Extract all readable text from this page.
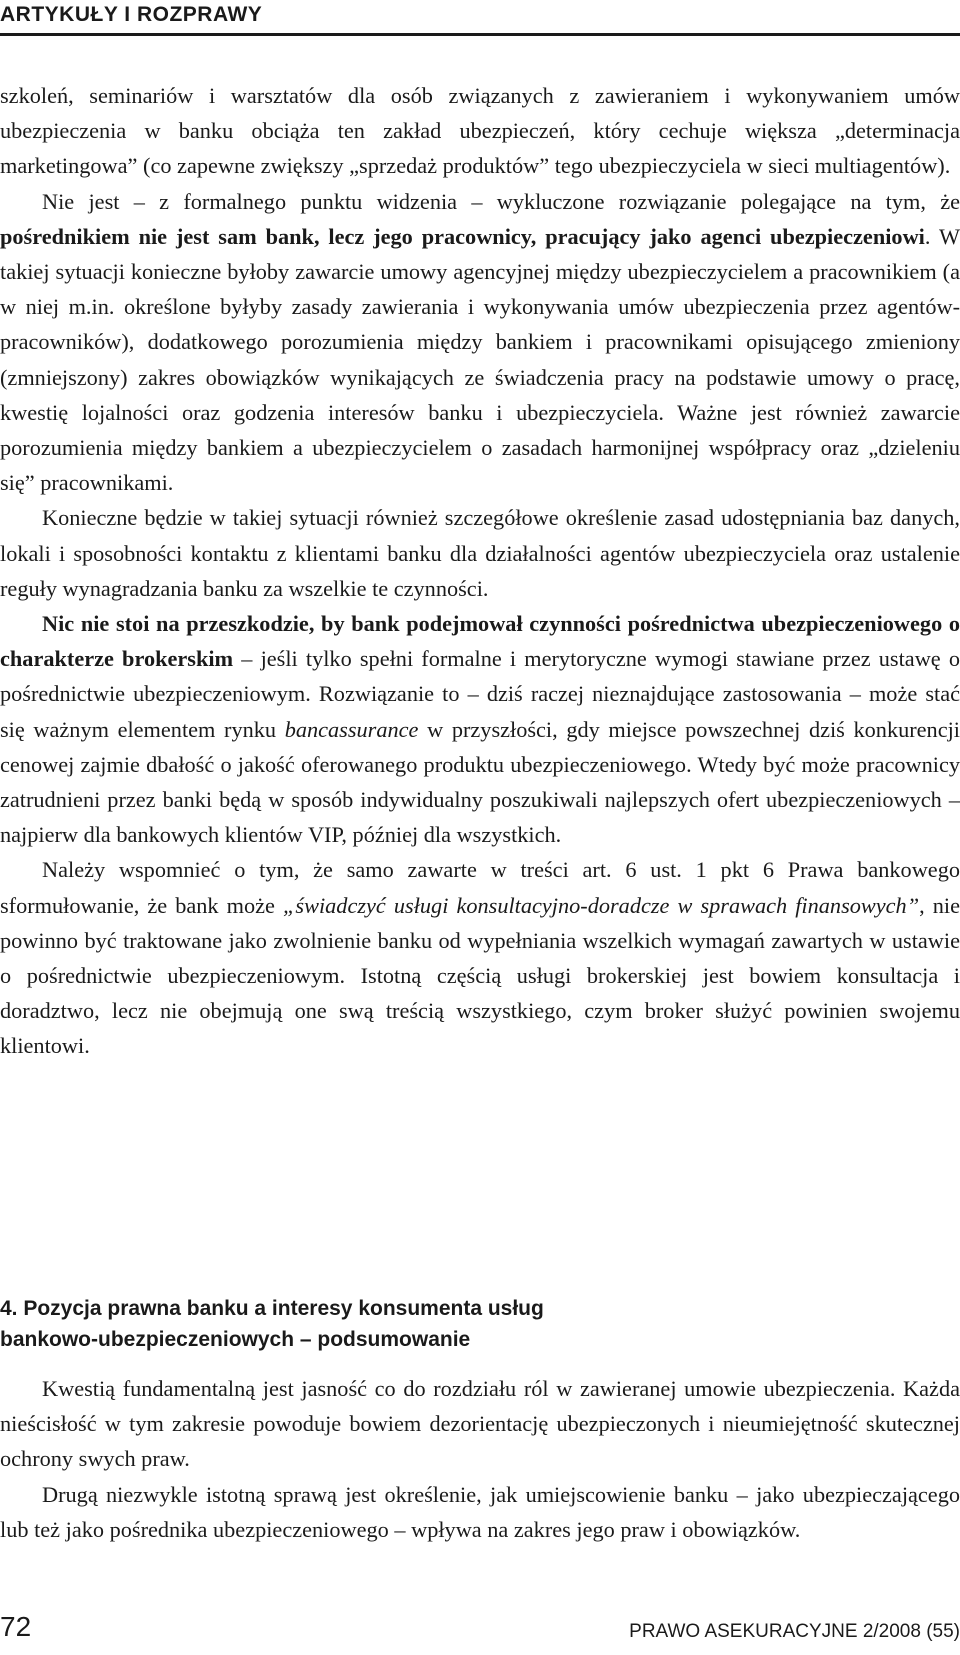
ARTYKUŁY I ROZPRAWY

szkoleń, seminariów i warsztatów dla osób związanych z zawieraniem i wykonywaniem umów ubezpieczenia w banku obciąża ten zakład ubezpieczeń, który cechuje większa „determinacja marketingowa” (co zapewne zwiększy „sprzedaż produktów” tego ubezpieczyciela w sieci multiagentów).

Nie jest – z formalnego punktu widzenia – wykluczone rozwiązanie polegające na tym, że pośrednikiem nie jest sam bank, lecz jego pracownicy, pracujący jako agenci ubezpieczeniowi. W takiej sytuacji konieczne byłoby zawarcie umowy agencyjnej między ubezpieczycielem a pracownikiem (a w niej m.in. określone byłyby zasady zawierania i wykonywania umów ubezpieczenia przez agentów-pracowników), dodatkowego porozumienia między bankiem i pracownikami opisującego zmieniony (zmniejszony) zakres obowiązków wynikających ze świadczenia pracy na podstawie umowy o pracę, kwestię lojalności oraz godzenia interesów banku i ubezpieczyciela. Ważne jest również zawarcie porozumienia między bankiem a ubezpieczycielem o zasadach harmonijnej współpracy oraz „dzieleniu się” pracownikami.

Konieczne będzie w takiej sytuacji również szczegółowe określenie zasad udostępniania baz danych, lokali i sposobności kontaktu z klientami banku dla działalności agentów ubezpieczyciela oraz ustalenie reguły wynagradzania banku za wszelkie te czynności.

Nic nie stoi na przeszkodzie, by bank podejmował czynności pośrednictwa ubezpieczeniowego o charakterze brokerskim – jeśli tylko spełni formalne i merytoryczne wymogi stawiane przez ustawę o pośrednictwie ubezpieczeniowym. Rozwiązanie to – dziś raczej nieznajdujące zastosowania – może stać się ważnym elementem rynku bancassurance w przyszłości, gdy miejsce powszechnej dziś konkurencji cenowej zajmie dbałość o jakość oferowanego produktu ubezpieczeniowego. Wtedy być może pracownicy zatrudnieni przez banki będą w sposób indywidualny poszukiwali najlepszych ofert ubezpieczeniowych – najpierw dla bankowych klientów VIP, później dla wszystkich.

Należy wspomnieć o tym, że samo zawarte w treści art. 6 ust. 1 pkt 6 Prawa bankowego sformułowanie, że bank może „świadczyć usługi konsultacyjno-doradcze w sprawach finansowych”, nie powinno być traktowane jako zwolnienie banku od wypełniania wszelkich wymagań zawartych w ustawie o pośrednictwie ubezpieczeniowym. Istotną częścią usługi brokerskiej jest bowiem konsultacja i doradztwo, lecz nie obejmują one swą treścią wszystkiego, czym broker służyć powinien swojemu klientowi.

4. Pozycja prawna banku a interesy konsumenta usług
bankowo-ubezpieczeniowych – podsumowanie

Kwestią fundamentalną jest jasność co do rozdziału ról w zawieranej umowie ubezpieczenia. Każda nieścisłość w tym zakresie powoduje bowiem dezorientację ubezpieczonych i nieumiejętność skutecznej ochrony swych praw.

Drugą niezwykle istotną sprawą jest określenie, jak umiejscowienie banku – jako ubezpieczającego lub też jako pośrednika ubezpieczeniowego – wpływa na zakres jego praw i obowiązków.

72	PRAWO ASEKURACYJNE 2/2008 (55)
